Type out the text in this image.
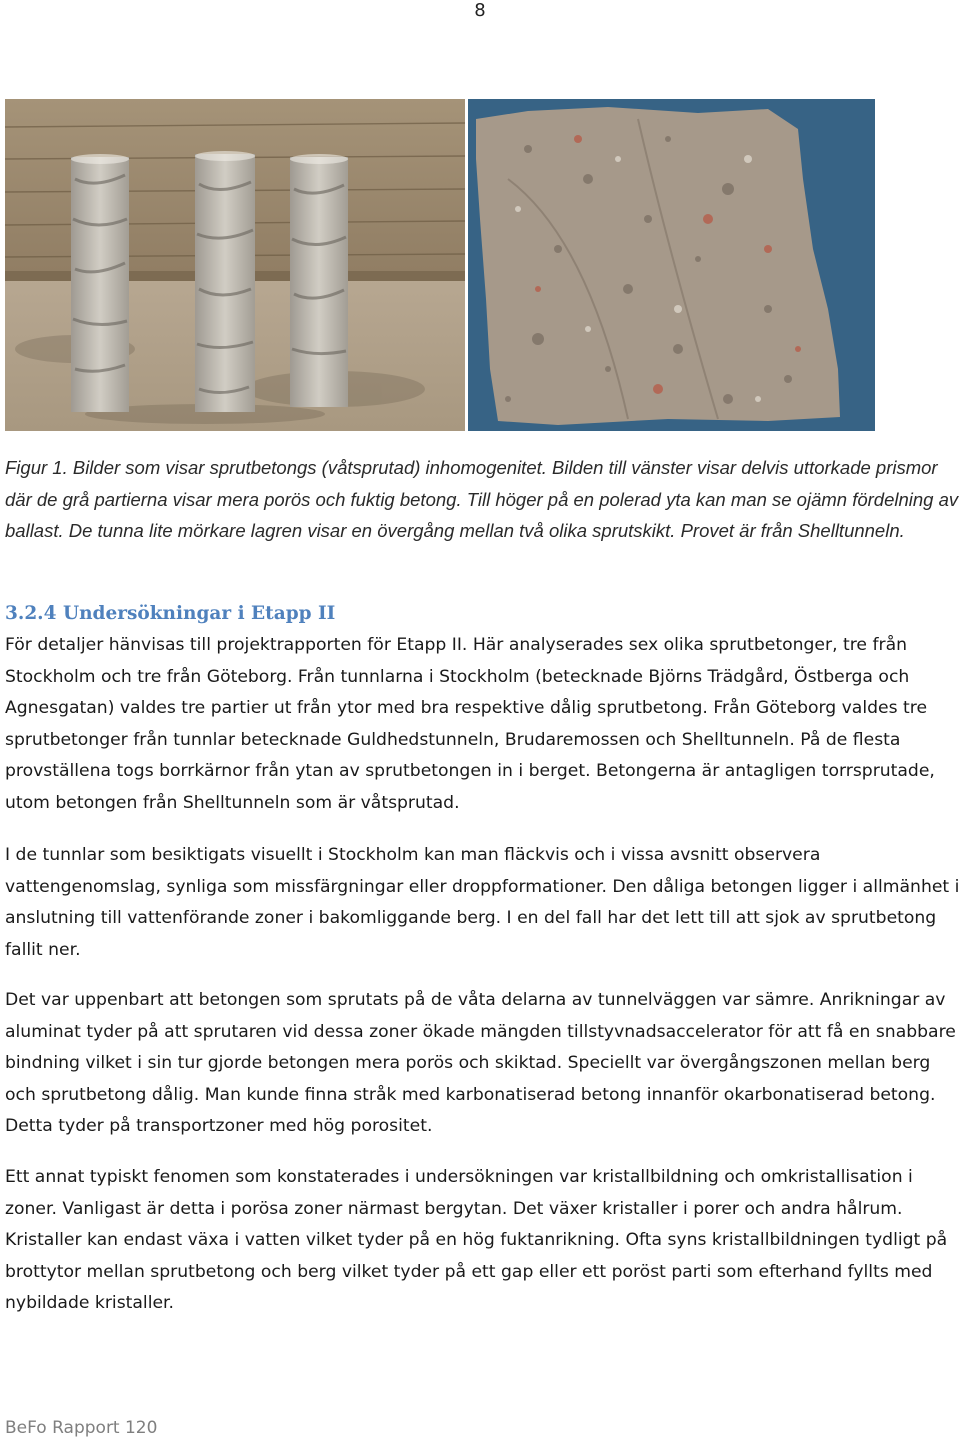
8
Figur 1. Bilder som visar sprutbetongs (våtsprutad) inhomogenitet. Bilden till vänster visar delvis uttorkade prismor där de grå partierna visar mera porös och fuktig betong. Till höger på en polerad yta kan man se ojämn fördelning av ballast. De tunna lite mörkare lagren visar en övergång mellan två olika sprutskikt. Provet är från Shelltunneln.
3.2.4 Undersökningar i Etapp II
För detaljer hänvisas till projektrapporten för Etapp II. Här analyserades sex olika sprutbetonger, tre från Stockholm och tre från Göteborg. Från tunnlarna i Stockholm (betecknade Björns Trädgård, Östberga och Agnesgatan) valdes tre partier ut från ytor med bra respektive dålig sprutbetong. Från Göteborg valdes tre sprutbetonger från tunnlar betecknade Guldhedstunneln, Brudaremossen och Shelltunneln. På de flesta provställena togs borrkärnor från ytan av sprutbetongen in i berget. Betongerna är antagligen torrsprutade, utom betongen från Shelltunneln som är våtsprutad.
I de tunnlar som besiktigats visuellt i Stockholm kan man fläckvis och i vissa avsnitt observera vattengenomslag, synliga som missfärgningar eller droppformationer. Den dåliga betongen ligger i allmänhet i anslutning till vattenförande zoner i bakomliggande berg. I en del fall har det lett till att sjok av sprutbetong fallit ner.
Det var uppenbart att betongen som sprutats på de våta delarna av tunnelväggen var sämre. Anrikningar av aluminat tyder på att sprutaren vid dessa zoner ökade mängden tillstyvnadsaccelerator för att få en snabbare bindning vilket i sin tur gjorde betongen mera porös och skiktad. Speciellt var övergångszonen mellan berg och sprutbetong dålig. Man kunde finna stråk med karbonatiserad betong innanför okarbonatiserad betong. Detta tyder på transportzoner med hög porositet.
Ett annat typiskt fenomen som konstaterades i undersökningen var kristallbildning och omkristallisation i zoner. Vanligast är detta i porösa zoner närmast bergytan. Det växer kristaller i porer och andra hålrum. Kristaller kan endast växa i vatten vilket tyder på en hög fuktanrikning. Ofta syns kristallbildningen tydligt på brottytor mellan sprutbetong och berg vilket tyder på ett gap eller ett poröst parti som efterhand fyllts med nybildade kristaller.
BeFo Rapport 120
